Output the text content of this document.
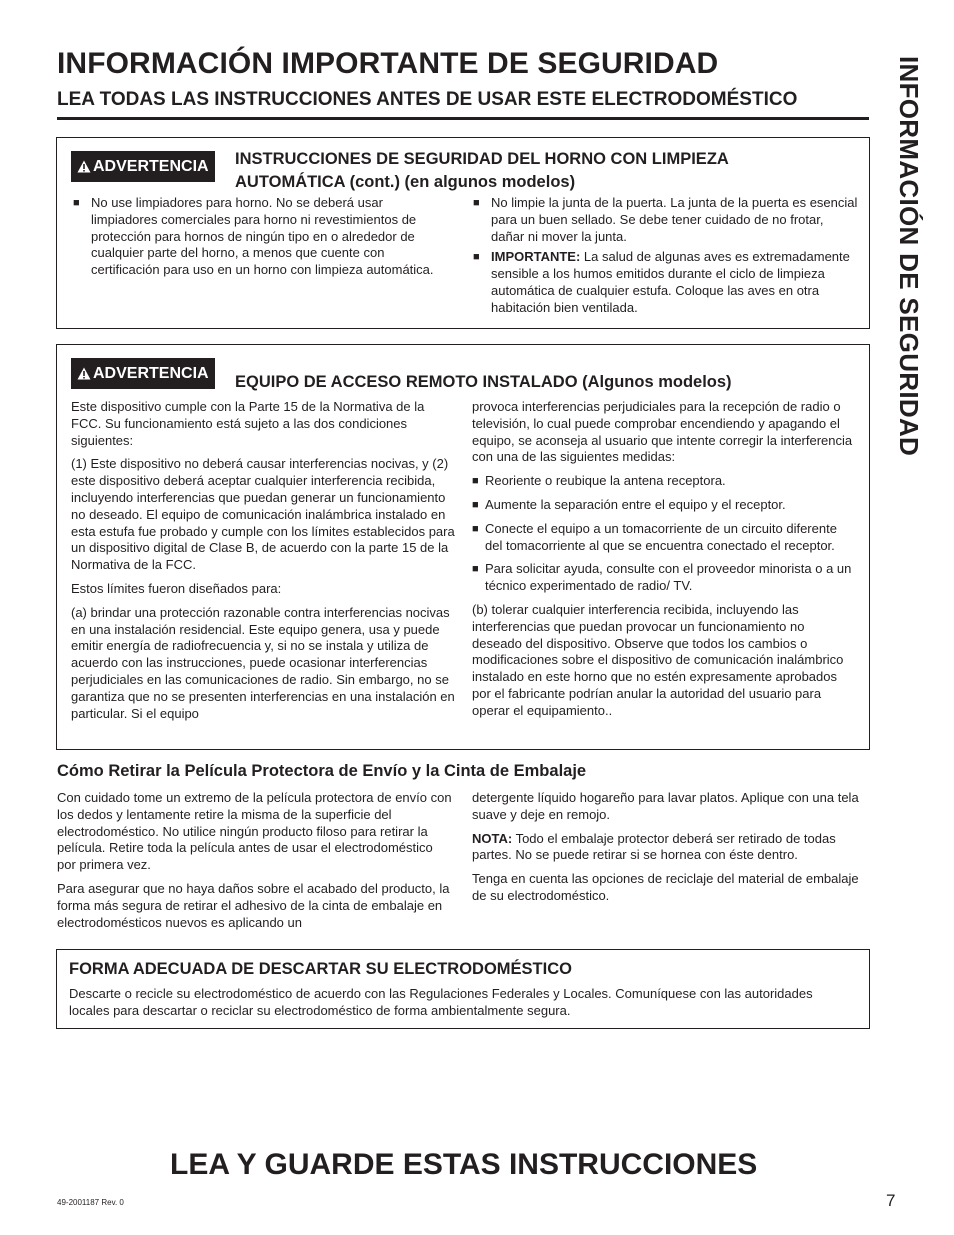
INFORMACIÓN IMPORTANTE DE SEGURIDAD
LEA TODAS LAS INSTRUCCIONES ANTES DE USAR ESTE ELECTRODOMÉSTICO	INFORMACIÓN DE SEGURIDAD
ADVERTENCIA	INSTRUCCIONES DE SEGURIDAD DEL HORNO CON LIMPIEZA
AUTOMÁTICA (cont.) (en algunos modelos)
■ No use limpiadores para horno. No se deberá usar limpiadores comerciales para horno ni revestimientos de protección para hornos de ningún tipo en o alrededor de cualquier parte del horno, a menos que cuente con certificación para uso en un horno con limpieza automática.
■ No limpie la junta de la puerta. La junta de la puerta es esencial para un buen sellado. Se debe tener cuidado de no frotar, dañar ni mover la junta.
■ IMPORTANTE: La salud de algunas aves es extremadamente sensible a los humos emitidos durante el ciclo de limpieza automática de cualquier estufa. Coloque las aves en otra habitación bien ventilada.
ADVERTENCIA	EQUIPO DE ACCESO REMOTO INSTALADO (Algunos modelos)

Este dispositivo cumple con la Parte 15 de la Normativa de la FCC. Su funcionamiento está sujeto a las dos condiciones siguientes:

(1) Este dispositivo no deberá causar interferencias nocivas, y (2) este dispositivo deberá aceptar cualquier interferencia recibida, incluyendo interferencias que puedan generar un funcionamiento no deseado. El equipo de comunicación inalámbrica instalado en esta estufa fue probado y cumple con los límites establecidos para un dispositivo digital de Clase B, de acuerdo con la parte 15 de la Normativa de la FCC.

Estos límites fueron diseñados para:

(a) brindar una protección razonable contra interferencias nocivas en una instalación residencial. Este equipo genera, usa y puede emitir energía de radiofrecuencia y, si no se instala y utiliza de acuerdo con las instrucciones, puede ocasionar interferencias perjudiciales en las comunicaciones de radio. Sin embargo, no se garantiza que no se presenten interferencias en una instalación en particular. Si el equipo

provoca interferencias perjudiciales para la recepción de radio o televisión, lo cual puede comprobar encendiendo y apagando el equipo, se aconseja al usuario que intente corregir la interferencia con una de las siguientes medidas:

■ Reoriente o reubique la antena receptora.
■ Aumente la separación entre el equipo y el receptor.
■ Conecte el equipo a un tomacorriente de un circuito diferente del tomacorriente al que se encuentra conectado el receptor.
■ Para solicitar ayuda, consulte con el proveedor minorista o a un técnico experimentado de radio/ TV.

(b) tolerar cualquier interferencia recibida, incluyendo las interferencias que puedan provocar un funcionamiento no deseado del dispositivo. Observe que todos los cambios o modificaciones sobre el dispositivo de comunicación inalámbrico instalado en este horno que no estén expresamente aprobados por el fabricante podrían anular la autoridad del usuario para operar el equipamiento..

Cómo Retirar la Película Protectora de Envío y la Cinta de Embalaje

Con cuidado tome un extremo de la película protectora de envío con los dedos y lentamente retire la misma de la superficie del electrodoméstico. No utilice ningún producto filoso para retirar la película. Retire toda la película antes de usar el electrodoméstico por primera vez.

Para asegurar que no haya daños sobre el acabado del producto, la forma más segura de retirar el adhesivo de la cinta de embalaje en electrodomésticos nuevos es aplicando un

detergente líquido hogareño para lavar platos. Aplique con una tela suave y deje en remojo.

NOTA: Todo el embalaje protector deberá ser retirado de todas partes. No se puede retirar si se hornea con éste dentro.

Tenga en cuenta las opciones de reciclaje del material de embalaje de su electrodoméstico.

FORMA ADECUADA DE DESCARTAR SU ELECTRODOMÉSTICO
Descarte o recicle su electrodoméstico de acuerdo con las Regulaciones Federales y Locales. Comuníquese con las autoridades locales para descartar o reciclar su electrodoméstico de forma ambientalmente segura.
LEA Y GUARDE ESTAS INSTRUCCIONES
49-2001187 Rev. 0	7
